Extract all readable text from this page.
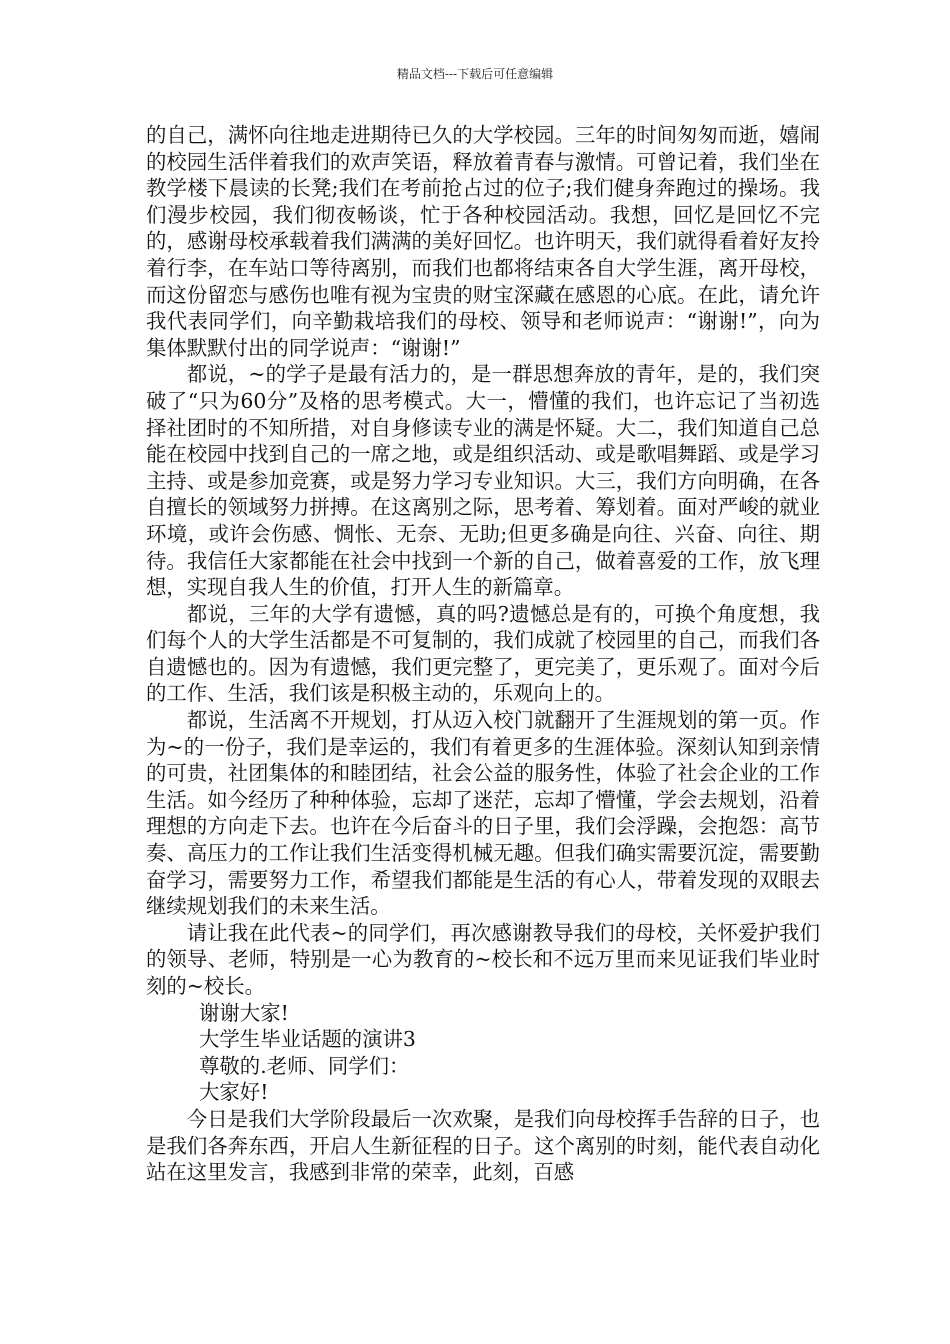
精品文档---下载后可任意编辑

的自己，满怀向往地走进期待已久的大学校园。三年的时间匆匆而逝，嬉闹的校园生活伴着我们的欢声笑语，释放着青春与激情。可曾记着，我们坐在教学楼下晨读的长凳;我们在考前抢占过的位子;我们健身奔跑过的操场。我们漫步校园，我们彻夜畅谈，忙于各种校园活动。我想，回忆是回忆不完的，感谢母校承载着我们满满的美好回忆。也许明天，我们就得看着好友拎着行李，在车站口等待离别，而我们也都将结束各自大学生涯，离开母校，而这份留恋与感伤也唯有视为宝贵的财宝深藏在感恩的心底。在此，请允许我代表同学们，向辛勤栽培我们的母校、领导和老师说声：“谢谢!”，向为集体默默付出的同学说声：“谢谢!”

都说，~的学子是最有活力的，是一群思想奔放的青年，是的，我们突破了“只为60分”及格的思考模式。大一，懵懂的我们，也许忘记了当初选择社团时的不知所措，对自身修读专业的满是怀疑。大二，我们知道自己总能在校园中找到自己的一席之地，或是组织活动、或是歌唱舞蹈、或是学习主持、或是参加竞赛，或是努力学习专业知识。大三，我们方向明确，在各自擅长的领域努力拼搏。在这离别之际，思考着、筹划着。面对严峻的就业环境，或许会伤感、惆怅、无奈、无助;但更多确是向往、兴奋、向往、期待。我信任大家都能在社会中找到一个新的自己，做着喜爱的工作，放飞理想，实现自我人生的价值，打开人生的新篇章。

都说，三年的大学有遗憾，真的吗?遗憾总是有的，可换个角度想，我们每个人的大学生活都是不可复制的，我们成就了校园里的自己，而我们各自遗憾也的。因为有遗憾，我们更完整了，更完美了，更乐观了。面对今后的工作、生活，我们该是积极主动的，乐观向上的。

都说，生活离不开规划，打从迈入校门就翻开了生涯规划的第一页。作为~的一份子，我们是幸运的，我们有着更多的生涯体验。深刻认知到亲情的可贵，社团集体的和睦团结，社会公益的服务性，体验了社会企业的工作生活。如今经历了种种体验，忘却了迷茫，忘却了懵懂，学会去规划，沿着理想的方向走下去。也许在今后奋斗的日子里，我们会浮躁，会抱怨：高节奏、高压力的工作让我们生活变得机械无趣。但我们确实需要沉淀，需要勤奋学习，需要努力工作，希望我们都能是生活的有心人，带着发现的双眼去继续规划我们的未来生活。

请让我在此代表~的同学们，再次感谢教导我们的母校，关怀爱护我们的领导、老师，特别是一心为教育的~校长和不远万里而来见证我们毕业时刻的~校长。

谢谢大家!

大学生毕业话题的演讲3

尊敬的.老师、同学们：

大家好!

今日是我们大学阶段最后一次欢聚，是我们向母校挥手告辞的日子，也是我们各奔东西，开启人生新征程的日子。这个离别的时刻，能代表自动化站在这里发言，我感到非常的荣幸，此刻，百感
